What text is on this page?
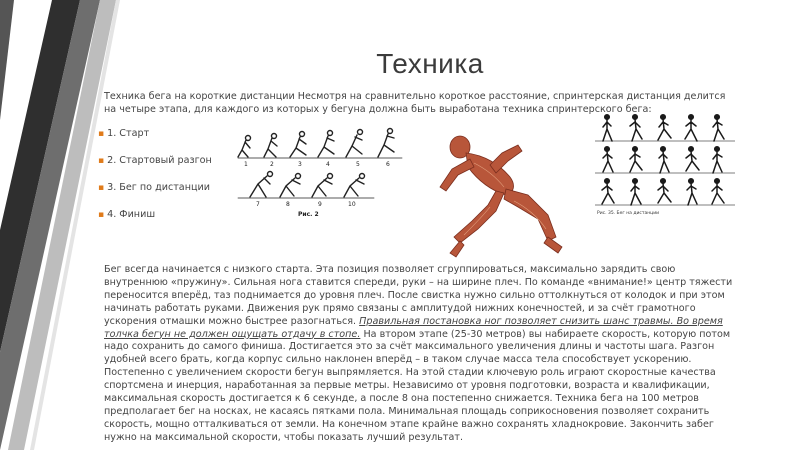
Техника
Техника бега на короткие дистанции Несмотря на сравнительно короткое расстояние, спринтерская дистанция делится на четыре этапа, для каждого из которых у бегуна должна быть выработана техника спринтерского бега:
▪ 1. Старт
▪ 2. Стартовый разгон
▪ 3. Бег по дистанции
▪ 4. Финиш
1	2	3	4	5	6
7	8	9	10
Рис. 2	Рис. 35. Бег на дистанции
Бег всегда начинается с низкого старта. Эта позиция позволяет сгруппироваться, максимально зарядить свою внутреннюю «пружину». Сильная нога ставится спереди, руки – на ширине плеч. По команде «внимание!» центр тяжести переносится вперёд, таз поднимается до уровня плеч. После свистка нужно сильно оттолкнуться от колодок и при этом начинать работать руками. Движения рук прямо связаны с амплитудой нижних конечностей, и за счёт грамотного ускорения отмашки можно быстрее разогнаться. Правильная постановка ног позволяет снизить шанс травмы. Во время толчка бегун не должен ощущать отдачу в стопе. На втором этапе (25-30 метров) вы набираете скорость, которую потом надо сохранить до самого финиша. Достигается это за счёт максимального увеличения длины и частоты шага. Разгон удобней всего брать, когда корпус сильно наклонен вперёд – в таком случае масса тела способствует ускорению. Постепенно с увеличением скорости бегун выпрямляется. На этой стадии ключевую роль играют скоростные качества спортсмена и инерция, наработанная за первые метры. Независимо от уровня подготовки, возраста и квалификации, максимальная скорость достигается к 6 секунде, а после 8 она постепенно снижается. Техника бега на 100 метров предполагает бег на носках, не касаясь пятками пола. Минимальная площадь соприкосновения позволяет сохранить скорость, мощно отталкиваться от земли. На конечном этапе крайне важно сохранять хладнокровие. Закончить забег нужно на максимальной скорости, чтобы показать лучший результат.
